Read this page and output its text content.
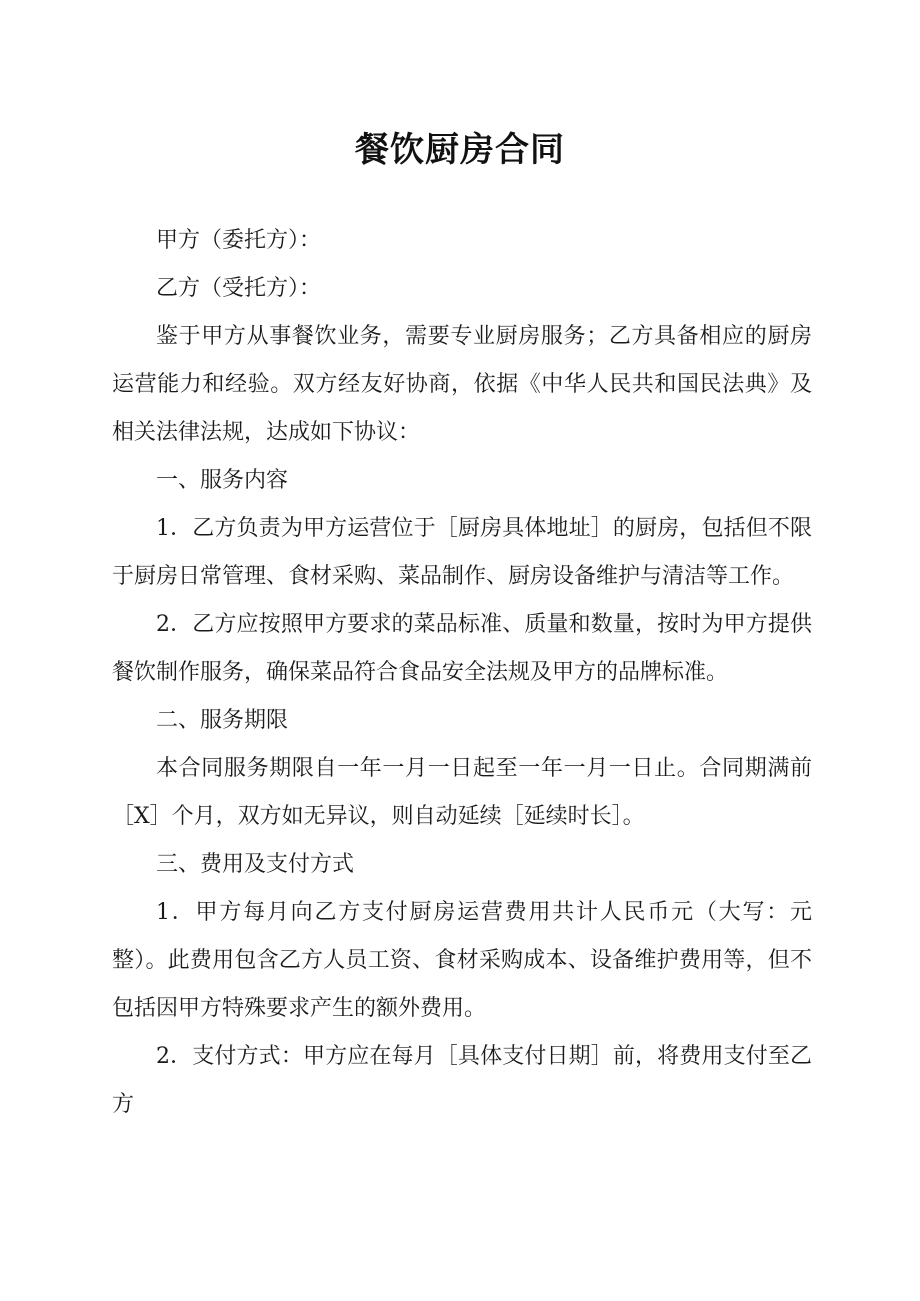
餐饮厨房合同

甲方（委托方）：

乙方（受托方）：

鉴于甲方从事餐饮业务，需要专业厨房服务；乙方具备相应的厨房运营能力和经验。双方经友好协商，依据《中华人民共和国民法典》及相关法律法规，达成如下协议：

一、服务内容

1．乙方负责为甲方运营位于［厨房具体地址］的厨房，包括但不限于厨房日常管理、食材采购、菜品制作、厨房设备维护与清洁等工作。

2．乙方应按照甲方要求的菜品标准、质量和数量，按时为甲方提供餐饮制作服务，确保菜品符合食品安全法规及甲方的品牌标准。

二、服务期限

本合同服务期限自一年一月一日起至一年一月一日止。合同期满前［X］个月，双方如无异议，则自动延续［延续时长］。

三、费用及支付方式

1．甲方每月向乙方支付厨房运营费用共计人民币元（大写：元整）。此费用包含乙方人员工资、食材采购成本、设备维护费用等，但不包括因甲方特殊要求产生的额外费用。

2．支付方式：甲方应在每月［具体支付日期］前，将费用支付至乙方
